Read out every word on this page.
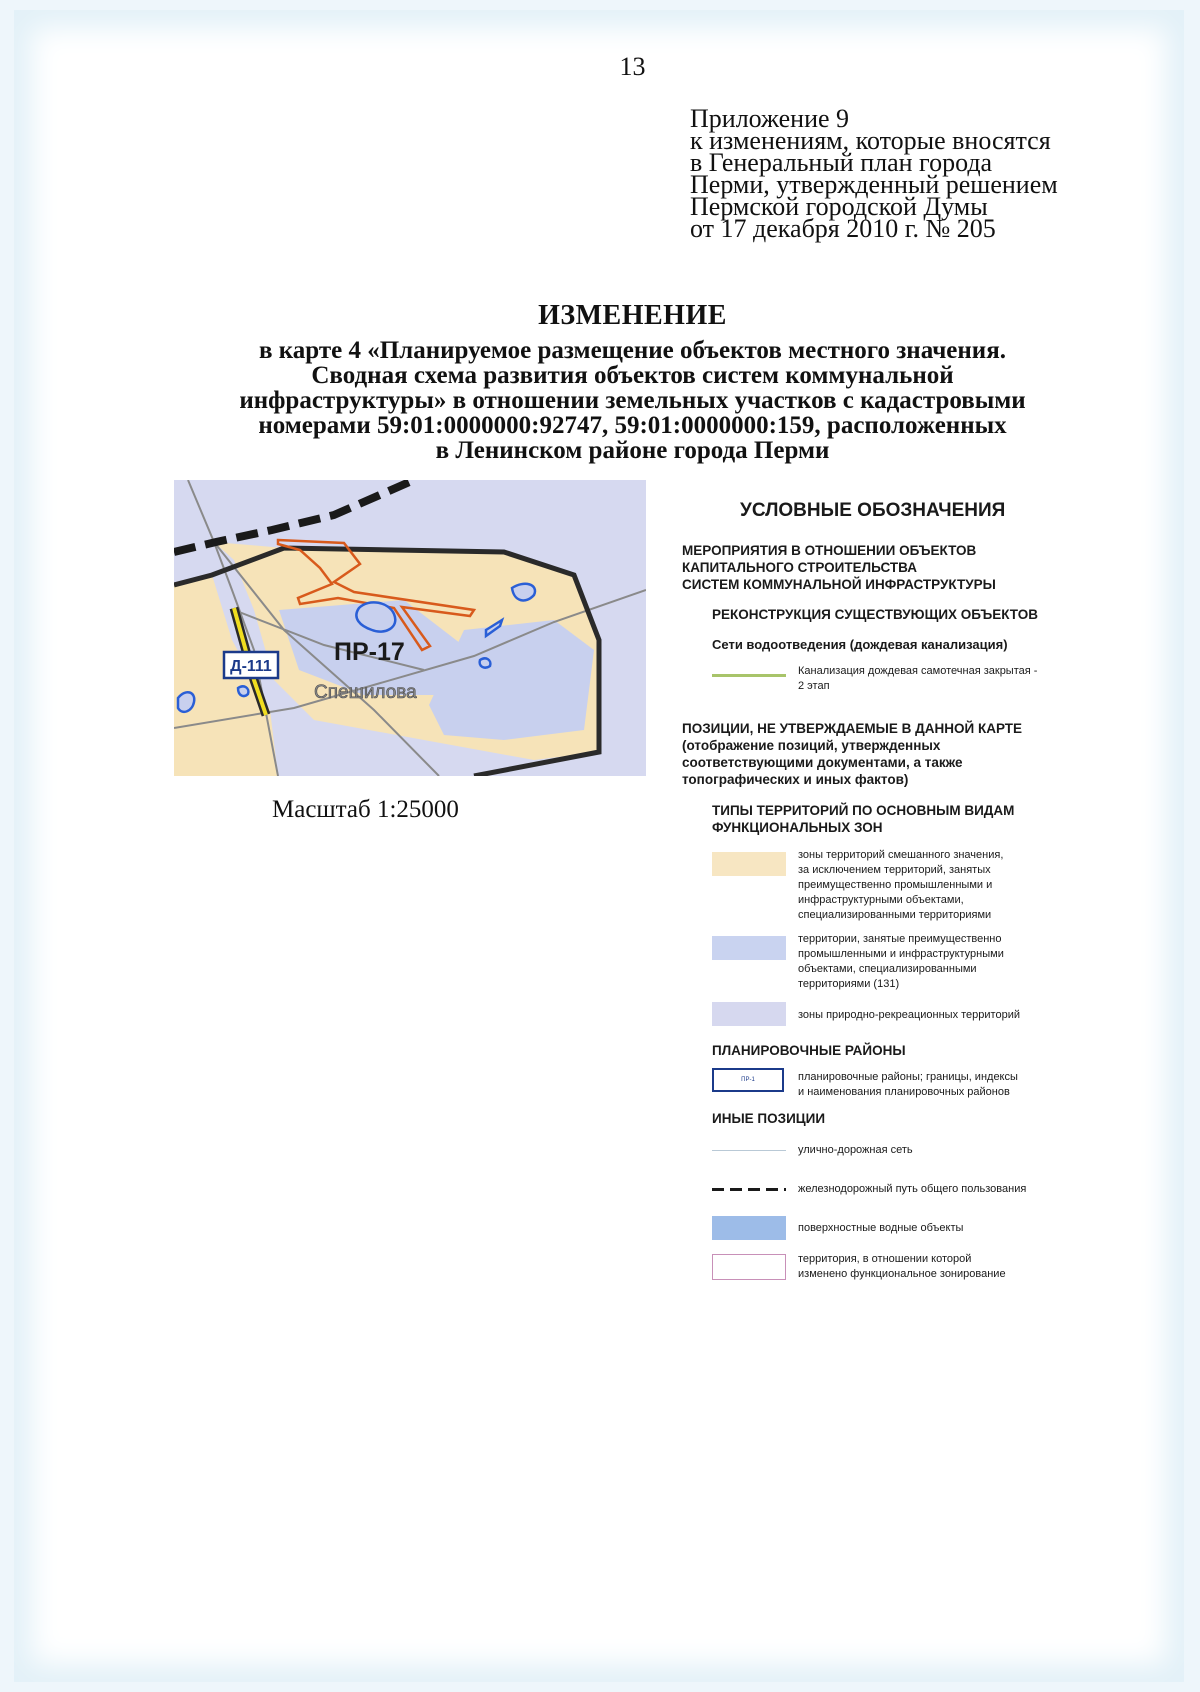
13
Приложение 9
к изменениям, которые вносятся
в Генеральный план города
Перми, утвержденный решением
Пермской городской Думы
от 17 декабря 2010 г. № 205
ИЗМЕНЕНИЕ
в карте 4 «Планируемое размещение объектов местного значения.
Сводная схема развития объектов систем коммунальной
инфраструктуры» в отношении земельных участков с кадастровыми
номерами 59:01:0000000:92747, 59:01:0000000:159, расположенных
в Ленинском районе города Перми
Д-111
ПР-17
Спешилова
Масштаб 1:25000
УСЛОВНЫЕ ОБОЗНАЧЕНИЯ
МЕРОПРИЯТИЯ В ОТНОШЕНИИ ОБЪЕКТОВ
КАПИТАЛЬНОГО СТРОИТЕЛЬСТВА
СИСТЕМ КОММУНАЛЬНОЙ ИНФРАСТРУКТУРЫ
РЕКОНСТРУКЦИЯ СУЩЕСТВУЮЩИХ ОБЪЕКТОВ
Сети водоотведения (дождевая канализация)
Канализация дождевая самотечная закрытая -
2 этап
ПОЗИЦИИ, НЕ УТВЕРЖДАЕМЫЕ В ДАННОЙ КАРТЕ
(отображение позиций, утвержденных
соответствующими документами, а также
топографических и иных фактов)
ТИПЫ ТЕРРИТОРИЙ ПО ОСНОВНЫМ ВИДАМ
ФУНКЦИОНАЛЬНЫХ ЗОН
зоны территорий смешанного значения,
за исключением территорий, занятых
преимущественно промышленными и
инфраструктурными объектами,
специализированными территориями
территории, занятые преимущественно
промышленными и инфраструктурными
объектами, специализированными
территориями (131)
зоны природно-рекреационных территорий
ПЛАНИРОВОЧНЫЕ РАЙОНЫ
ПР-1	планировочные районы; границы, индексы
и наименования планировочных районов
ИНЫЕ ПОЗИЦИИ
улично-дорожная сеть
железнодорожный путь общего пользования
поверхностные водные объекты
территория, в отношении которой
изменено функциональное зонирование
